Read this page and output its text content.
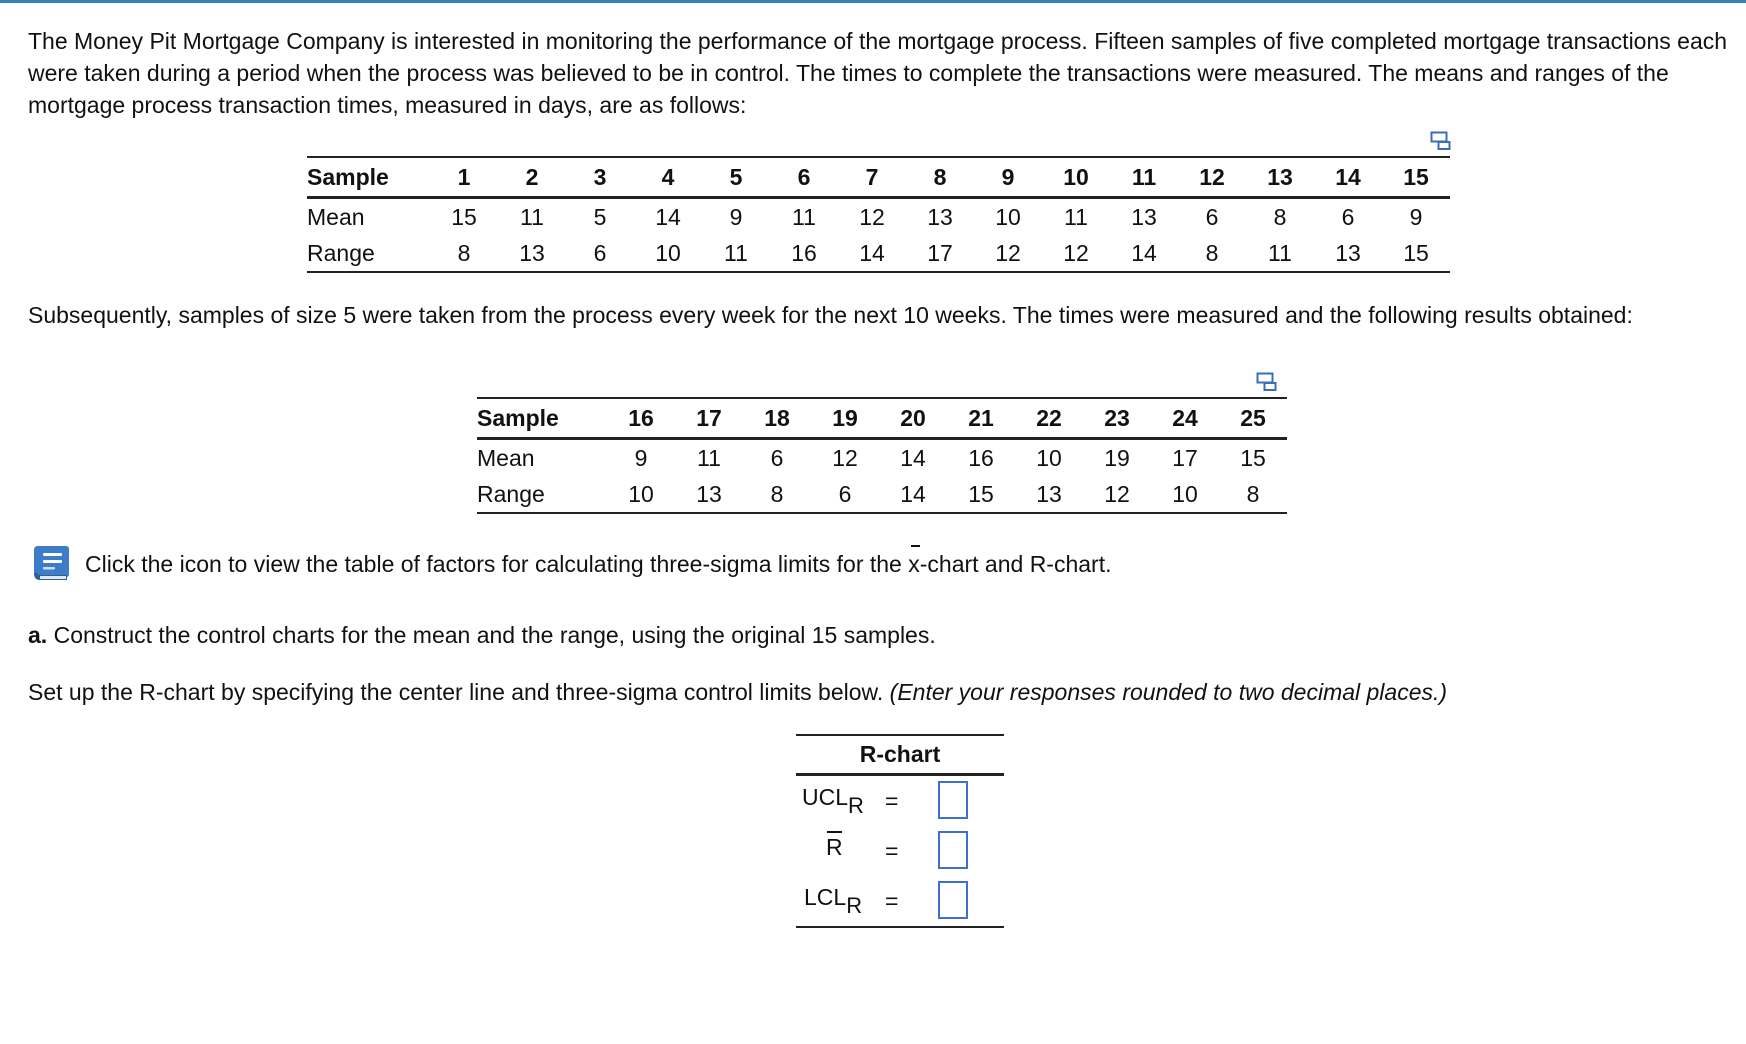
The Money Pit Mortgage Company is interested in monitoring the performance of the mortgage process. Fifteen samples of five completed mortgage transactions each were taken during a period when the process was believed to be in control. The times to complete the transactions were measured. The means and ranges of the mortgage process transaction times, measured in days, are as follows:

Sample	1	2	3	4	5	6	7	8	9	10	11	12	13	14	15
Mean	15	11	5	14	9	11	12	13	10	11	13	6	8	6	9
Range	8	13	6	10	11	16	14	17	12	12	14	8	11	13	15

Subsequently, samples of size 5 were taken from the process every week for the next 10 weeks. The times were measured and the following results obtained:

Sample	16	17	18	19	20	21	22	23	24	25
Mean	9	11	6	12	14	16	10	19	17	15
Range	10	13	8	6	14	15	13	12	10	8

Click the icon to view the table of factors for calculating three-sigma limits for the x-chart and R-chart.

a. Construct the control charts for the mean and the range, using the original 15 samples.

Set up the R-chart by specifying the center line and three-sigma control limits below. (Enter your responses rounded to two decimal places.)

R-chart
$UCL_R$ =
R =
$LCL_R$ =
